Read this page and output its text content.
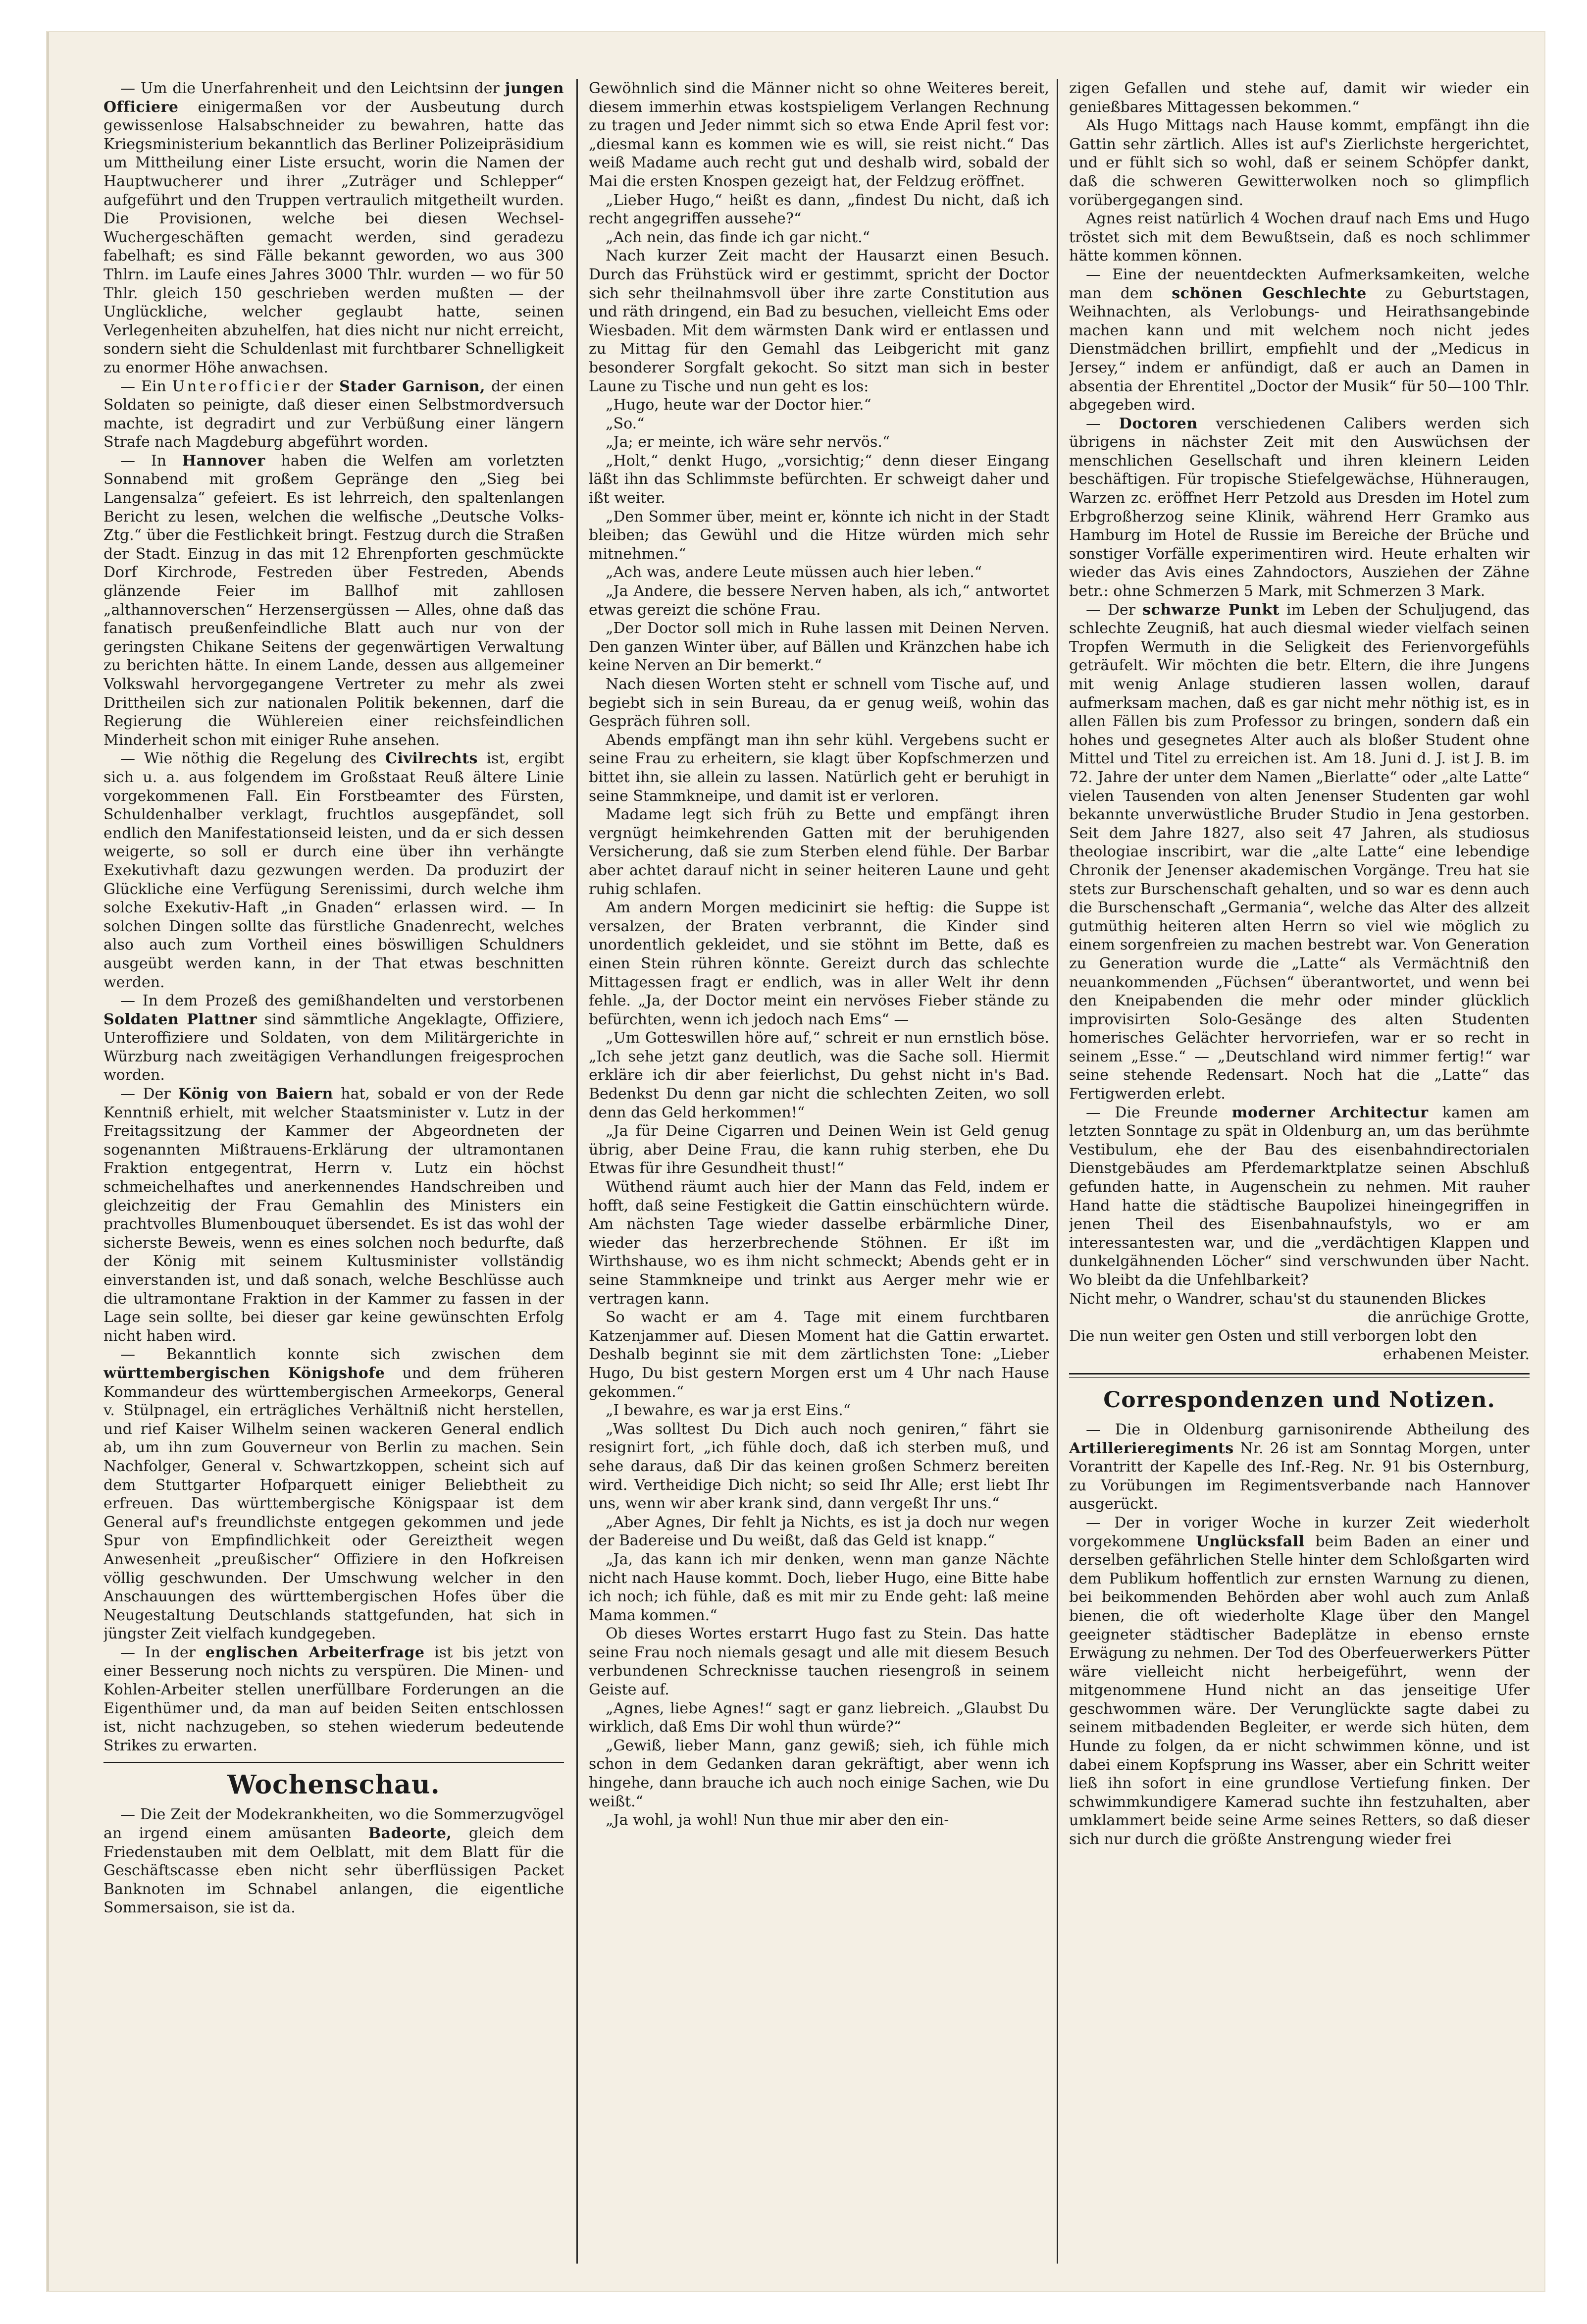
— Um die Unerfahrenheit und den Leichtsinn der jungen Officiere einigermaßen vor der Ausbeutung durch gewissenlose Halsabschneider zu bewahren, hatte das Kriegsministerium bekanntlich das Berliner Polizeipräsidium um Mittheilung einer Liste ersucht, worin die Namen der Hauptwucherer und ihrer „Zuträger und Schlepper“ aufgeführt und den Truppen vertraulich mitgetheilt wurden. Die Provisionen, welche bei diesen Wechsel-Wuchergeschäften gemacht werden, sind geradezu fabelhaft; es sind Fälle bekannt geworden, wo aus 300 Thlrn. im Laufe eines Jahres 3000 Thlr. wurden — wo für 50 Thlr. gleich 150 geschrieben werden mußten — der Unglückliche, welcher geglaubt hatte, seinen Verlegenheiten abzuhelfen, hat dies nicht nur nicht erreicht, sondern sieht die Schuldenlast mit furchtbarer Schnelligkeit zu enormer Höhe anwachsen.

— Ein Unterofficier der Stader Garnison, der einen Soldaten so peinigte, daß dieser einen Selbstmordversuch machte, ist degradirt und zur Verbüßung einer längern Strafe nach Magdeburg abgeführt worden.

— In Hannover haben die Welfen am vorletzten Sonnabend mit großem Gepränge den „Sieg bei Langensalza“ gefeiert. Es ist lehrreich, den spaltenlangen Bericht zu lesen, welchen die welfische „Deutsche Volks-Ztg.“ über die Festlichkeit bringt. Festzug durch die Straßen der Stadt. Einzug in das mit 12 Ehrenpforten geschmückte Dorf Kirchrode, Festreden über Festreden, Abends glänzende Feier im Ballhof mit zahllosen „althannoverschen“ Herzensergüssen — Alles, ohne daß das fanatisch preußenfeindliche Blatt auch nur von der geringsten Chikane Seitens der gegenwärtigen Verwaltung zu berichten hätte. In einem Lande, dessen aus allgemeiner Volkswahl hervorgegangene Vertreter zu mehr als zwei Drittheilen sich zur nationalen Politik bekennen, darf die Regierung die Wühlereien einer reichsfeindlichen Minderheit schon mit einiger Ruhe ansehen.

— Wie nöthig die Regelung des Civilrechts ist, ergibt sich u. a. aus folgendem im Großstaat Reuß ältere Linie vorgekommenen Fall. Ein Forstbeamter des Fürsten, Schuldenhalber verklagt, fruchtlos ausgepfändet, soll endlich den Manifestationseid leisten, und da er sich dessen weigerte, so soll er durch eine über ihn verhängte Exekutivhaft dazu gezwungen werden. Da produzirt der Glückliche eine Verfügung Serenissimi, durch welche ihm solche Exekutiv-Haft „in Gnaden“ erlassen wird. — In solchen Dingen sollte das fürstliche Gnadenrecht, welches also auch zum Vortheil eines böswilligen Schuldners ausgeübt werden kann, in der That etwas beschnitten werden.

— In dem Prozeß des gemißhandelten und verstorbenen Soldaten Plattner sind sämmtliche Angeklagte, Offiziere, Unteroffiziere und Soldaten, von dem Militärgerichte in Würzburg nach zweitägigen Verhandlungen freigesprochen worden.

— Der König von Baiern hat, sobald er von der Rede Kenntniß erhielt, mit welcher Staatsminister v. Lutz in der Freitagssitzung der Kammer der Abgeordneten der sogenannten Mißtrauens-Erklärung der ultramontanen Fraktion entgegentrat, Herrn v. Lutz ein höchst schmeichelhaftes und anerkennendes Handschreiben und gleichzeitig der Frau Gemahlin des Ministers ein prachtvolles Blumenbouquet übersendet. Es ist das wohl der sicherste Beweis, wenn es eines solchen noch bedurfte, daß der König mit seinem Kultusminister vollständig einverstanden ist, und daß sonach, welche Beschlüsse auch die ultramontane Fraktion in der Kammer zu fassen in der Lage sein sollte, bei dieser gar keine gewünschten Erfolg nicht haben wird.

— Bekanntlich konnte sich zwischen dem württembergischen Königshofe und dem früheren Kommandeur des württembergischen Armeekorps, General v. Stülpnagel, ein erträgliches Verhältniß nicht herstellen, und rief Kaiser Wilhelm seinen wackeren General endlich ab, um ihn zum Gouverneur von Berlin zu machen. Sein Nachfolger, General v. Schwartzkoppen, scheint sich auf dem Stuttgarter Hofparquett einiger Beliebtheit zu erfreuen. Das württembergische Königspaar ist dem General auf's freundlichste entgegen gekommen und jede Spur von Empfindlichkeit oder Gereiztheit wegen Anwesenheit „preußischer“ Offiziere in den Hofkreisen völlig geschwunden. Der Umschwung welcher in den Anschauungen des württembergischen Hofes über die Neugestaltung Deutschlands stattgefunden, hat sich in jüngster Zeit vielfach kundgegeben.

— In der englischen Arbeiterfrage ist bis jetzt von einer Besserung noch nichts zu verspüren. Die Minen- und Kohlen-Arbeiter stellen unerfüllbare Forderungen an die Eigenthümer und, da man auf beiden Seiten entschlossen ist, nicht nachzugeben, so stehen wiederum bedeutende Strikes zu erwarten.

Wochenschau.

— Die Zeit der Modekrankheiten, wo die Sommerzugvögel an irgend einem amüsanten Badeorte, gleich dem Friedenstauben mit dem Oelblatt, mit dem Blatt für die Geschäftscasse eben nicht sehr überflüssigen Packet Banknoten im Schnabel anlangen, die eigentliche Sommersaison, sie ist da.

Gewöhnlich sind die Männer nicht so ohne Weiteres bereit, diesem immerhin etwas kostspieligem Verlangen Rechnung zu tragen und Jeder nimmt sich so etwa Ende April fest vor: „diesmal kann es kommen wie es will, sie reist nicht.“ Das weiß Madame auch recht gut und deshalb wird, sobald der Mai die ersten Knospen gezeigt hat, der Feldzug eröffnet.

„Lieber Hugo,“ heißt es dann, „findest Du nicht, daß ich recht angegriffen aussehe?“

„Ach nein, das finde ich gar nicht.“

Nach kurzer Zeit macht der Hausarzt einen Besuch. Durch das Frühstück wird er gestimmt, spricht der Doctor sich sehr theilnahmsvoll über ihre zarte Constitution aus und räth dringend, ein Bad zu besuchen, vielleicht Ems oder Wiesbaden. Mit dem wärmsten Dank wird er entlassen und zu Mittag für den Gemahl das Leibgericht mit ganz besonderer Sorgfalt gekocht. So sitzt man sich in bester Laune zu Tische und nun geht es los:

„Hugo, heute war der Doctor hier.“

„So.“

„Ja; er meinte, ich wäre sehr nervös.“

„Holt,“ denkt Hugo, „vorsichtig;“ denn dieser Eingang läßt ihn das Schlimmste befürchten. Er schweigt daher und ißt weiter.

„Den Sommer über, meint er, könnte ich nicht in der Stadt bleiben; das Gewühl und die Hitze würden mich sehr mitnehmen.“

„Ach was, andere Leute müssen auch hier leben.“

„Ja Andere, die bessere Nerven haben, als ich,“ antwortet etwas gereizt die schöne Frau.

„Der Doctor soll mich in Ruhe lassen mit Deinen Nerven. Den ganzen Winter über, auf Bällen und Kränzchen habe ich keine Nerven an Dir bemerkt.“

Nach diesen Worten steht er schnell vom Tische auf, und begiebt sich in sein Bureau, da er genug weiß, wohin das Gespräch führen soll.

Abends empfängt man ihn sehr kühl. Vergebens sucht er seine Frau zu erheitern, sie klagt über Kopfschmerzen und bittet ihn, sie allein zu lassen. Natürlich geht er beruhigt in seine Stammkneipe, und damit ist er verloren.

Madame legt sich früh zu Bette und empfängt ihren vergnügt heimkehrenden Gatten mit der beruhigenden Versicherung, daß sie zum Sterben elend fühle. Der Barbar aber achtet darauf nicht in seiner heiteren Laune und geht ruhig schlafen.

Am andern Morgen medicinirt sie heftig: die Suppe ist versalzen, der Braten verbrannt, die Kinder sind unordentlich gekleidet, und sie stöhnt im Bette, daß es einen Stein rühren könnte. Gereizt durch das schlechte Mittagessen fragt er endlich, was in aller Welt ihr denn fehle. „Ja, der Doctor meint ein nervöses Fieber stände zu befürchten, wenn ich jedoch nach Ems“ —

„Um Gotteswillen höre auf,“ schreit er nun ernstlich böse. „Ich sehe jetzt ganz deutlich, was die Sache soll. Hiermit erkläre ich dir aber feierlichst, Du gehst nicht in's Bad. Bedenkst Du denn gar nicht die schlechten Zeiten, wo soll denn das Geld herkommen!“

„Ja für Deine Cigarren und Deinen Wein ist Geld genug übrig, aber Deine Frau, die kann ruhig sterben, ehe Du Etwas für ihre Gesundheit thust!“

Wüthend räumt auch hier der Mann das Feld, indem er hofft, daß seine Festigkeit die Gattin einschüchtern würde. Am nächsten Tage wieder dasselbe erbärmliche Diner, wieder das herzerbrechende Stöhnen. Er ißt im Wirthshause, wo es ihm nicht schmeckt; Abends geht er in seine Stammkneipe und trinkt aus Aerger mehr wie er vertragen kann.

So wacht er am 4. Tage mit einem furchtbaren Katzenjammer auf. Diesen Moment hat die Gattin erwartet. Deshalb beginnt sie mit dem zärtlichsten Tone: „Lieber Hugo, Du bist gestern Morgen erst um 4 Uhr nach Hause gekommen.“

„I bewahre, es war ja erst Eins.“

„Was solltest Du Dich auch noch geniren,“ fährt sie resignirt fort, „ich fühle doch, daß ich sterben muß, und sehe daraus, daß Dir das keinen großen Schmerz bereiten wird. Vertheidige Dich nicht; so seid Ihr Alle; erst liebt Ihr uns, wenn wir aber krank sind, dann vergeßt Ihr uns.“

„Aber Agnes, Dir fehlt ja Nichts, es ist ja doch nur wegen der Badereise und Du weißt, daß das Geld ist knapp.“

„Ja, das kann ich mir denken, wenn man ganze Nächte nicht nach Hause kommt. Doch, lieber Hugo, eine Bitte habe ich noch; ich fühle, daß es mit mir zu Ende geht: laß meine Mama kommen.“

Ob dieses Wortes erstarrt Hugo fast zu Stein. Das hatte seine Frau noch niemals gesagt und alle mit diesem Besuch verbundenen Schrecknisse tauchen riesengroß in seinem Geiste auf.

„Agnes, liebe Agnes!“ sagt er ganz liebreich. „Glaubst Du wirklich, daß Ems Dir wohl thun würde?“

„Gewiß, lieber Mann, ganz gewiß; sieh, ich fühle mich schon in dem Gedanken daran gekräftigt, aber wenn ich hingehe, dann brauche ich auch noch einige Sachen, wie Du weißt.“

„Ja wohl, ja wohl! Nun thue mir aber den ein-

zigen Gefallen und stehe auf, damit wir wieder ein genießbares Mittagessen bekommen.“

Als Hugo Mittags nach Hause kommt, empfängt ihn die Gattin sehr zärtlich. Alles ist auf's Zierlichste hergerichtet, und er fühlt sich so wohl, daß er seinem Schöpfer dankt, daß die schweren Gewitterwolken noch so glimpflich vorübergegangen sind.

Agnes reist natürlich 4 Wochen drauf nach Ems und Hugo tröstet sich mit dem Bewußtsein, daß es noch schlimmer hätte kommen können.

— Eine der neuentdeckten Aufmerksamkeiten, welche man dem schönen Geschlechte zu Geburtstagen, Weihnachten, als Verlobungs- und Heirathsangebinde machen kann und mit welchem noch nicht jedes Dienstmädchen brillirt, empfiehlt und der „Medicus in Jersey,“ indem er anfündigt, daß er auch an Damen in absentia der Ehrentitel „Doctor der Musik“ für 50—100 Thlr. abgegeben wird.

— Doctoren verschiedenen Calibers werden sich übrigens in nächster Zeit mit den Auswüchsen der menschlichen Gesellschaft und ihren kleinern Leiden beschäftigen. Für tropische Stiefelgewächse, Hühneraugen, Warzen zc. eröffnet Herr Petzold aus Dresden im Hotel zum Erbgroßherzog seine Klinik, während Herr Gramko aus Hamburg im Hotel de Russie im Bereiche der Brüche und sonstiger Vorfälle experimentiren wird. Heute erhalten wir wieder das Avis eines Zahndoctors, Ausziehen der Zähne betr.: ohne Schmerzen 5 Mark, mit Schmerzen 3 Mark.

— Der schwarze Punkt im Leben der Schuljugend, das schlechte Zeugniß, hat auch diesmal wieder vielfach seinen Tropfen Wermuth in die Seligkeit des Ferienvorgefühls geträufelt. Wir möchten die betr. Eltern, die ihre Jungens mit wenig Anlage studieren lassen wollen, darauf aufmerksam machen, daß es gar nicht mehr nöthig ist, es in allen Fällen bis zum Professor zu bringen, sondern daß ein hohes und gesegnetes Alter auch als bloßer Student ohne Mittel und Titel zu erreichen ist. Am 18. Juni d. J. ist J. B. im 72. Jahre der unter dem Namen „Bierlatte“ oder „alte Latte“ vielen Tausenden von alten Jenenser Studenten gar wohl bekannte unverwüstliche Bruder Studio in Jena gestorben. Seit dem Jahre 1827, also seit 47 Jahren, als studiosus theologiae inscribirt, war die „alte Latte“ eine lebendige Chronik der Jenenser akademischen Vorgänge. Treu hat sie stets zur Burschenschaft gehalten, und so war es denn auch die Burschenschaft „Germania“, welche das Alter des allzeit gutmüthig heiteren alten Herrn so viel wie möglich zu einem sorgenfreien zu machen bestrebt war. Von Generation zu Generation wurde die „Latte“ als Vermächtniß den neuankommenden „Füchsen“ überantwortet, und wenn bei den Kneipabenden die mehr oder minder glücklich improvisirten Solo-Gesänge des alten Studenten homerisches Gelächter hervorriefen, war er so recht in seinem „Esse.“ — „Deutschland wird nimmer fertig!“ war seine stehende Redensart. Noch hat die „Latte“ das Fertigwerden erlebt.

— Die Freunde moderner Architectur kamen am letzten Sonntage zu spät in Oldenburg an, um das berühmte Vestibulum, ehe der Bau des eisenbahndirectorialen Dienstgebäudes am Pferdemarktplatze seinen Abschluß gefunden hatte, in Augenschein zu nehmen. Mit rauher Hand hatte die städtische Baupolizei hineingegriffen in jenen Theil des Eisenbahnaufstyls, wo er am interessantesten war, und die „verdächtigen Klappen und dunkelgähnenden Löcher“ sind verschwunden über Nacht. Wo bleibt da die Unfehlbarkeit?

Nicht mehr, o Wandrer, schau'st du staunenden Blickes

die anrüchige Grotte,

Die nun weiter gen Osten und still verborgen lobt den

erhabenen Meister.

Correspondenzen und Notizen.

— Die in Oldenburg garnisonirende Abtheilung des Artillerieregiments Nr. 26 ist am Sonntag Morgen, unter Vorantritt der Kapelle des Inf.-Reg. Nr. 91 bis Osternburg, zu Vorübungen im Regimentsverbande nach Hannover ausgerückt.

— Der in voriger Woche in kurzer Zeit wiederholt vorgekommene Unglücksfall beim Baden an einer und derselben gefährlichen Stelle hinter dem Schloßgarten wird dem Publikum hoffentlich zur ernsten Warnung zu dienen, bei beikommenden Behörden aber wohl auch zum Anlaß bienen, die oft wiederholte Klage über den Mangel geeigneter städtischer Badeplätze in ebenso ernste Erwägung zu nehmen. Der Tod des Oberfeuerwerkers Pütter wäre vielleicht nicht herbeigeführt, wenn der mitgenommene Hund nicht an das jenseitige Ufer geschwommen wäre. Der Verunglückte sagte dabei zu seinem mitbadenden Begleiter, er werde sich hüten, dem Hunde zu folgen, da er nicht schwimmen könne, und ist dabei einem Kopfsprung ins Wasser, aber ein Schritt weiter ließ ihn sofort in eine grundlose Vertiefung finken. Der schwimmkundigere Kamerad suchte ihn festzuhalten, aber umklammert beide seine Arme seines Retters, so daß dieser sich nur durch die größte Anstrengung wieder frei
